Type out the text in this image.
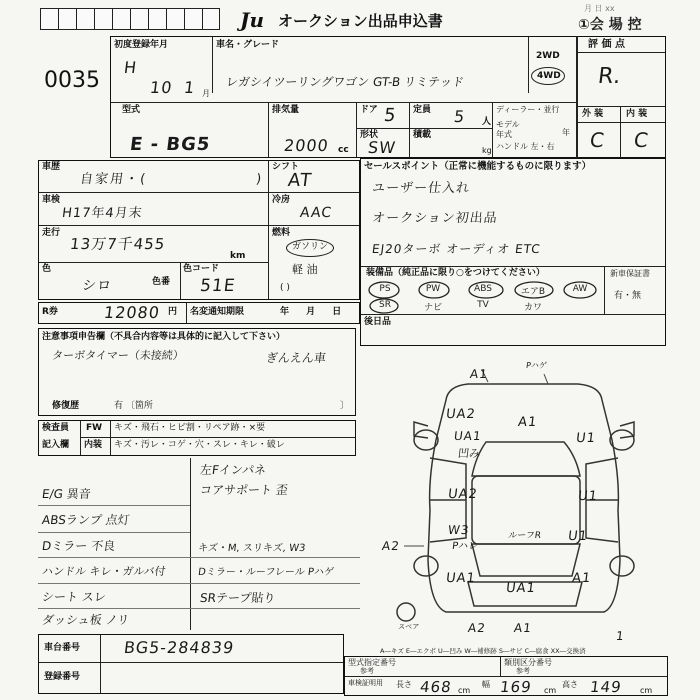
Ju オークション出品申込書
月 日 xx
①会 場 控
0035
初度登録年月
H
10 1 月
車名・グレード
レガシイツーリングワゴン GT-B リミテッド
2WD
4WD
評 価 点
R.
外 装	内 装
C C
型式
E - BG5
排気量
2000 cc
ドア 5 定員 5 人
ディーラー・並行
モデル年式	年
ハンドル 左・右
形状
SW
積載
kg
車歴
自家用・(	)
シフト
AT
車検
H17年4月末
冷房
AAC
走行
13万7千455
km
燃料
ガソリン
軽 油
( )
色
シロ	色番
色コード
51E
R券	12080 円 名変通知期限	年 月 日
セールスポイント（正常に機能するものに限ります）
ユーザー仕入れ
オークション初出品
EJ20ターボ オーディオ ETC
装備品（純正品に限り○をつけてください）
PS	PW	ABS	エアB	AW
SR	ナビ	TV	カワ
新車保証書
有・無
後日品
注意事項申告欄（不具合内容等は具体的に記入して下さい）
ターボタイマー（未接続）	ぎんえん車
修復歴	有 〔箇所	〕
検査員
記入欄
FW キズ・飛石・ヒビ割・リペア跡・×要
内装 キズ・汚レ・コゲ・穴・スレ・キレ・破レ
E/G 異音
ABSランプ 点灯
Dミラー 不良
ハンドル キレ・ガルバ付
シート スレ
ダッシュ板 ノリ
左Fインパネ
コアサポート 歪
キズ・M, スリキズ, W3
Dミラー・ルーフレール Pハゲ
SRテープ貼り
A1
Pハゲ
A1
UA2
UA1
凹み
U1
UA2	U1
A2
W3
Pハレ
ルーフR U1
UA1
UA1
A1
A2 A1
スペア
1
A―キズ E―エクボ U―凹み W―補修跡 S―サビ C―腐食 XX―交換済
車台番号	BG5-284839
登録番号
型式指定番号
参考
類別区分番号
参考
車検証明用 長さ 468 cm
幅 169 cm
高さ 149 cm
